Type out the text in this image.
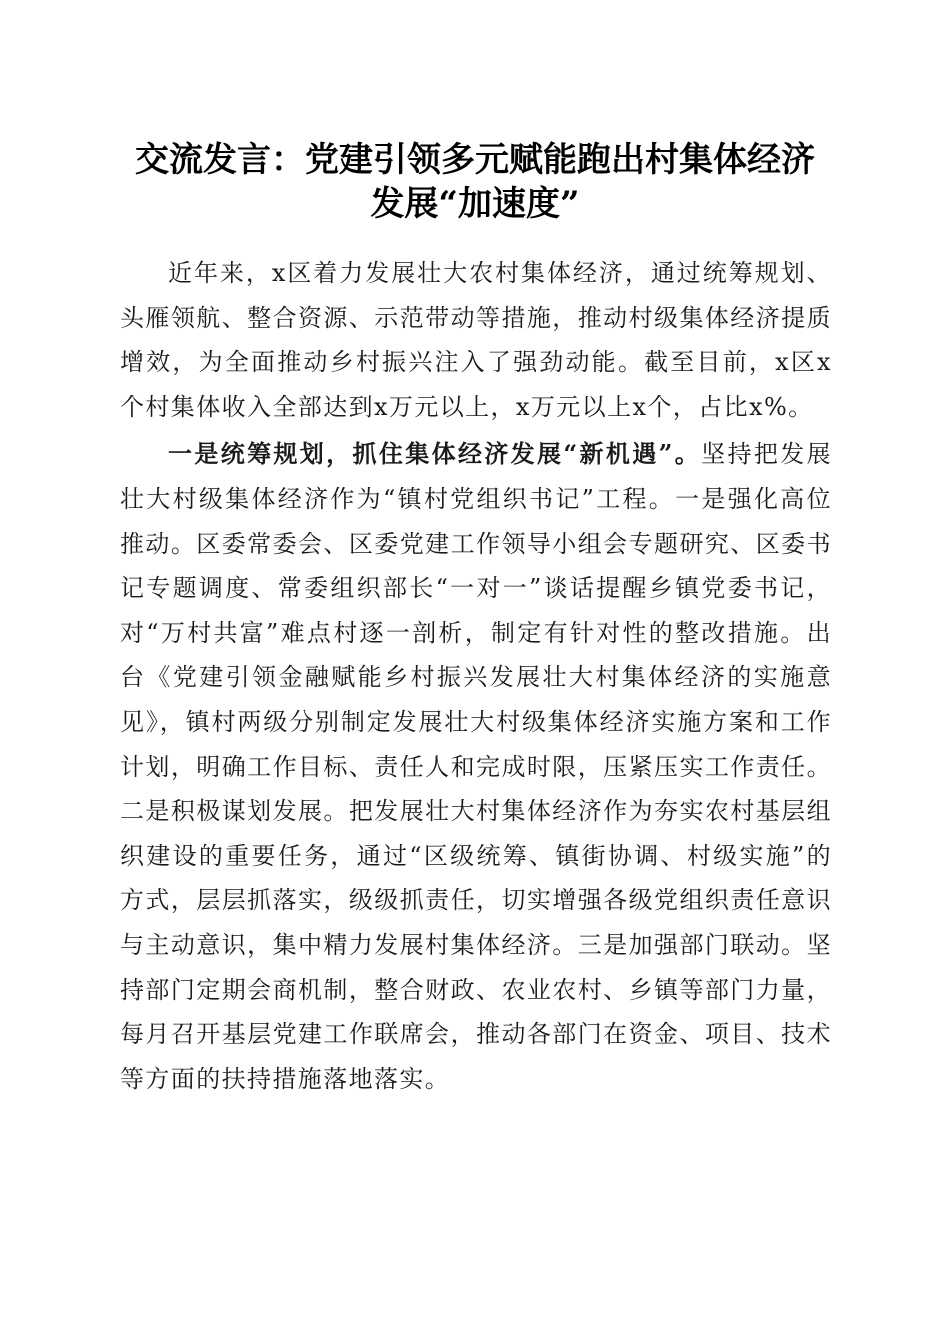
交流发言：党建引领多元赋能跑出村集体经济
发展“加速度”

近年来，x区着力发展壮大农村集体经济，通过统筹规划、头雁领航、整合资源、示范带动等措施，推动村级集体经济提质增效，为全面推动乡村振兴注入了强劲动能。截至目前，x区x个村集体收入全部达到x万元以上，x万元以上x个，占比x%。

一是统筹规划，抓住集体经济发展“新机遇”。坚持把发展壮大村级集体经济作为“镇村党组织书记”工程。一是强化高位推动。区委常委会、区委党建工作领导小组会专题研究、区委书记专题调度、常委组织部长“一对一”谈话提醒乡镇党委书记，对“万村共富”难点村逐一剖析，制定有针对性的整改措施。出台《党建引领金融赋能乡村振兴发展壮大村集体经济的实施意见》，镇村两级分别制定发展壮大村级集体经济实施方案和工作计划，明确工作目标、责任人和完成时限，压紧压实工作责任。二是积极谋划发展。把发展壮大村集体经济作为夯实农村基层组织建设的重要任务，通过“区级统筹、镇街协调、村级实施”的方式，层层抓落实，级级抓责任，切实增强各级党组织责任意识与主动意识，集中精力发展村集体经济。三是加强部门联动。坚持部门定期会商机制，整合财政、农业农村、乡镇等部门力量，每月召开基层党建工作联席会，推动各部门在资金、项目、技术等方面的扶持措施落地落实。
